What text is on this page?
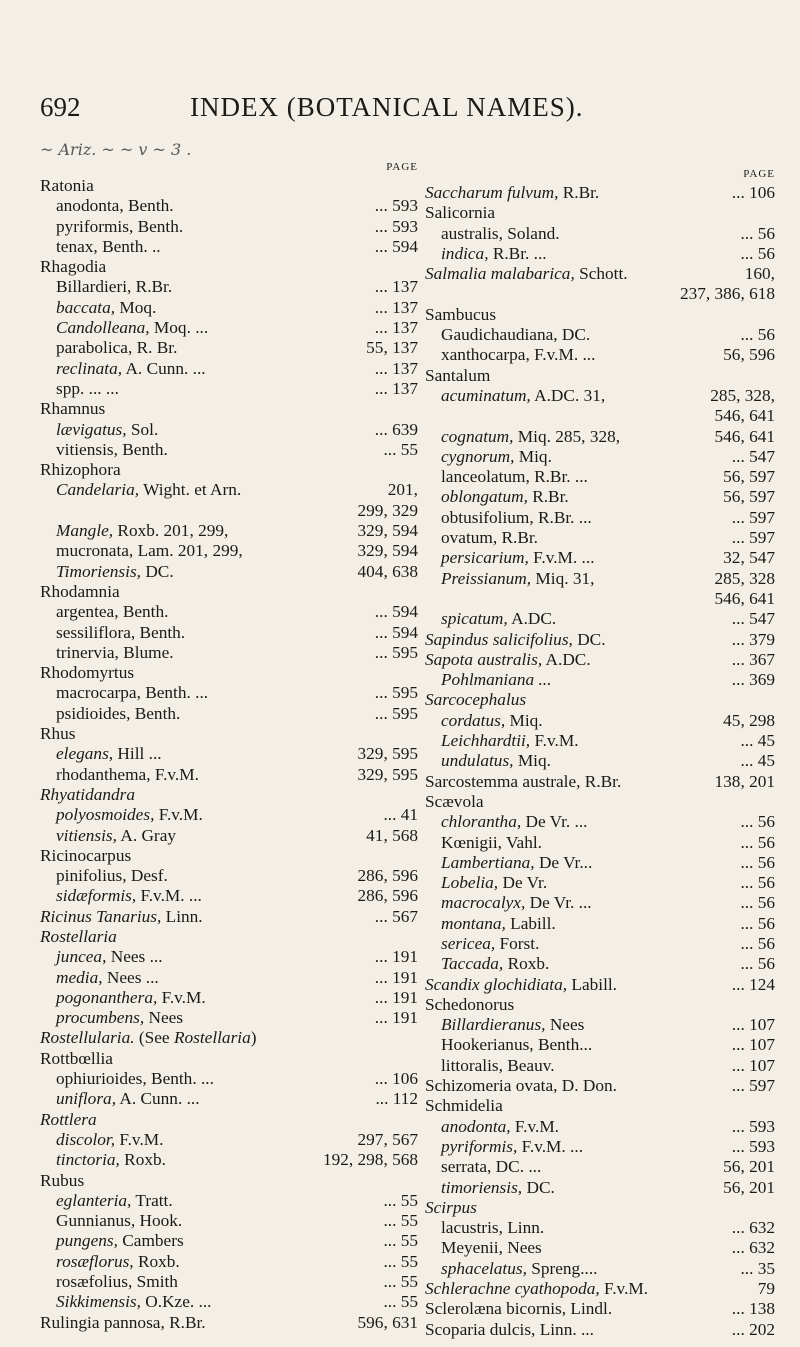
692	INDEX (BOTANICAL NAMES).
~ Ariz. ~ ~ v ~ 3 .
PAGE
Ratonia
anodonta, Benth.	... 593
pyriformis, Benth.	... 593
tenax, Benth. ..	... 594
Rhagodia
Billardieri, R.Br.	... 137
baccata, Moq.	... 137
Candolleana, Moq. ...	... 137
parabolica, R. Br.	55, 137
reclinata, A. Cunn. ...	... 137
spp. ... ...	... 137
Rhamnus
lævigatus, Sol.	... 639
vitiensis, Benth.	... 55
Rhizophora
Candelaria, Wight. et Arn.	201,
299, 329
Mangle, Roxb. 201, 299,	329, 594
mucronata, Lam. 201, 299,	329, 594
Timoriensis, DC.	404, 638
Rhodamnia
argentea, Benth.	... 594
sessiliflora, Benth.	... 594
trinervia, Blume.	... 595
Rhodomyrtus
macrocarpa, Benth. ...	... 595
psidioides, Benth.	... 595
Rhus
elegans, Hill ...	329, 595
rhodanthema, F.v.M.	329, 595
Rhyatidandra
polyosmoides, F.v.M.	... 41
vitiensis, A. Gray	41, 568
Ricinocarpus
pinifolius, Desf.	286, 596
sidæformis, F.v.M. ...	286, 596
Ricinus Tanarius, Linn.	... 567
Rostellaria
juncea, Nees ...	... 191
media, Nees ...	... 191
pogonanthera, F.v.M.	... 191
procumbens, Nees	... 191
Rostellularia. (See Rostellaria)
Rottbœllia
ophiurioides, Benth. ...	... 106
uniflora, A. Cunn. ...	... 112
Rottlera
discolor, F.v.M.	297, 567
tinctoria, Roxb.	192, 298, 568
Rubus
eglanteria, Tratt.	... 55
Gunnianus, Hook.	... 55
pungens, Cambers	... 55
rosæflorus, Roxb.	... 55
rosæfolius, Smith	... 55
Sikkimensis, O.Kze. ...	... 55
Rulingia pannosa, R.Br.	596, 631
PAGE
Saccharum fulvum, R.Br.	... 106
Salicornia
australis, Soland.	... 56
indica, R.Br. ...	... 56
Salmalia malabarica, Schott.	160,
237, 386, 618
Sambucus
Gaudichaudiana, DC.	... 56
xanthocarpa, F.v.M. ...	56, 596
Santalum
acuminatum, A.DC. 31,	285, 328,
546, 641
cognatum, Miq. 285, 328,	546, 641
cygnorum, Miq.	... 547
lanceolatum, R.Br. ...	56, 597
oblongatum, R.Br.	56, 597
obtusifolium, R.Br. ...	... 597
ovatum, R.Br.	... 597
persicarium, F.v.M. ...	32, 547
Preissianum, Miq. 31,	285, 328
546, 641
spicatum, A.DC.	... 547
Sapindus salicifolius, DC.	... 379
Sapota australis, A.DC.	... 367
Pohlmaniana ...	... 369
Sarcocephalus
cordatus, Miq.	45, 298
Leichhardtii, F.v.M.	... 45
undulatus, Miq.	... 45
Sarcostemma australe, R.Br.	138, 201
Scævola
chlorantha, De Vr. ...	... 56
Kœnigii, Vahl.	... 56
Lambertiana, De Vr...	... 56
Lobelia, De Vr.	... 56
macrocalyx, De Vr. ...	... 56
montana, Labill.	... 56
sericea, Forst.	... 56
Taccada, Roxb.	... 56
Scandix glochidiata, Labill.	... 124
Schedonorus
Billardieranus, Nees	... 107
Hookerianus, Benth...	... 107
littoralis, Beauv.	... 107
Schizomeria ovata, D. Don.	... 597
Schmidelia
anodonta, F.v.M.	... 593
pyriformis, F.v.M. ...	... 593
serrata, DC. ...	56, 201
timoriensis, DC.	56, 201
Scirpus
lacustris, Linn.	... 632
Meyenii, Nees	... 632
sphacelatus, Spreng....	... 35
Schlerachne cyathopoda, F.v.M.	79
Sclerolæna bicornis, Lindl.	... 138
Scoparia dulcis, Linn. ...	... 202
